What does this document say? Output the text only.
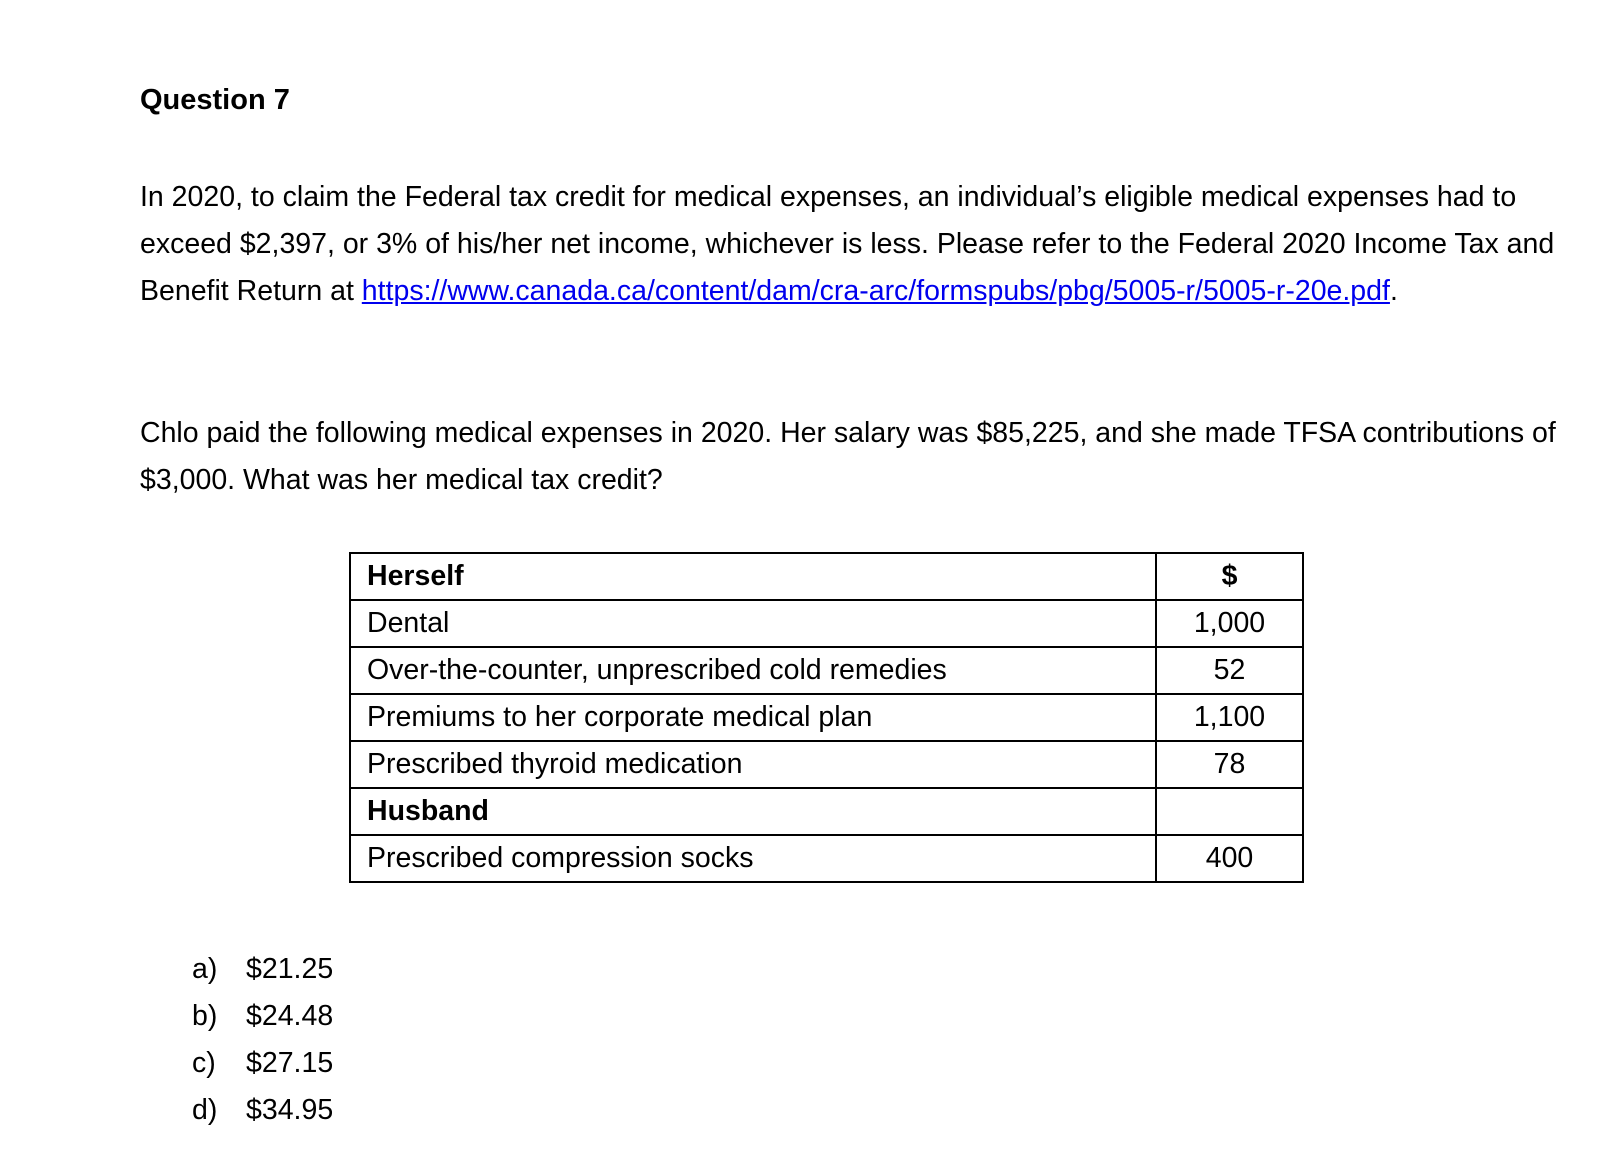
Question 7
In 2020, to claim the Federal tax credit for medical expenses, an individual’s eligible medical expenses had to exceed $2,397, or 3% of his/her net income, whichever is less. Please refer to the Federal 2020 Income Tax and Benefit Return at https://www.canada.ca/content/dam/cra-arc/formspubs/pbg/5005-r/5005-r-20e.pdf.
Chlo paid the following medical expenses in 2020. Her salary was $85,225, and she made TFSA contributions of $3,000. What was her medical tax credit?
Herself	$
Dental	1,000
Over-the-counter, unprescribed cold remedies	52
Premiums to her corporate medical plan	1,100
Prescribed thyroid medication	78
Husband	
Prescribed compression socks	400
a) $21.25
b) $24.48
c) $27.15
d) $34.95
